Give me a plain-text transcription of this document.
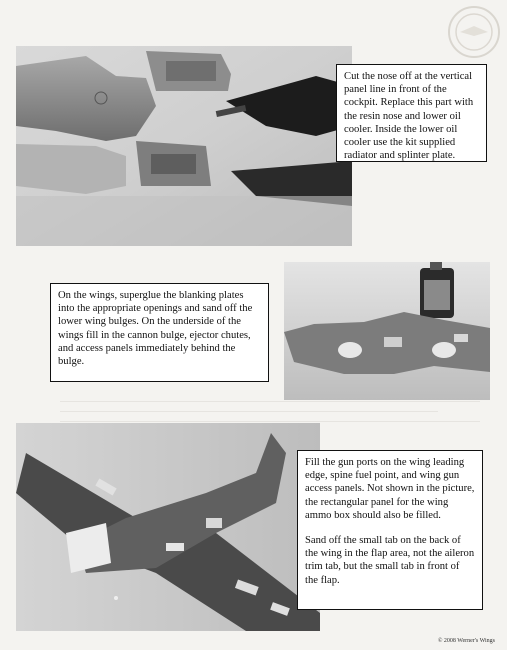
Cut the nose off at the vertical panel line in front of the cockpit. Replace this part with the resin nose and lower oil cooler. Inside the lower oil cooler use the kit supplied radiator and splinter plate.

On the wings, superglue the blanking plates into the appropriate openings and sand off the lower wing bulges. On the underside of the wings fill in the cannon bulge, ejector chutes, and access panels immediately behind the bulge.

Fill the gun ports on the wing leading edge, spine fuel point, and wing gun access panels. Not shown in the picture, the rectangular panel for the wing ammo box should also be filled.

Sand off the small tab on the back of the wing in the flap area, not the aileron trim tab, but the small tab in front of the flap.

© 2008 Werner's Wings
